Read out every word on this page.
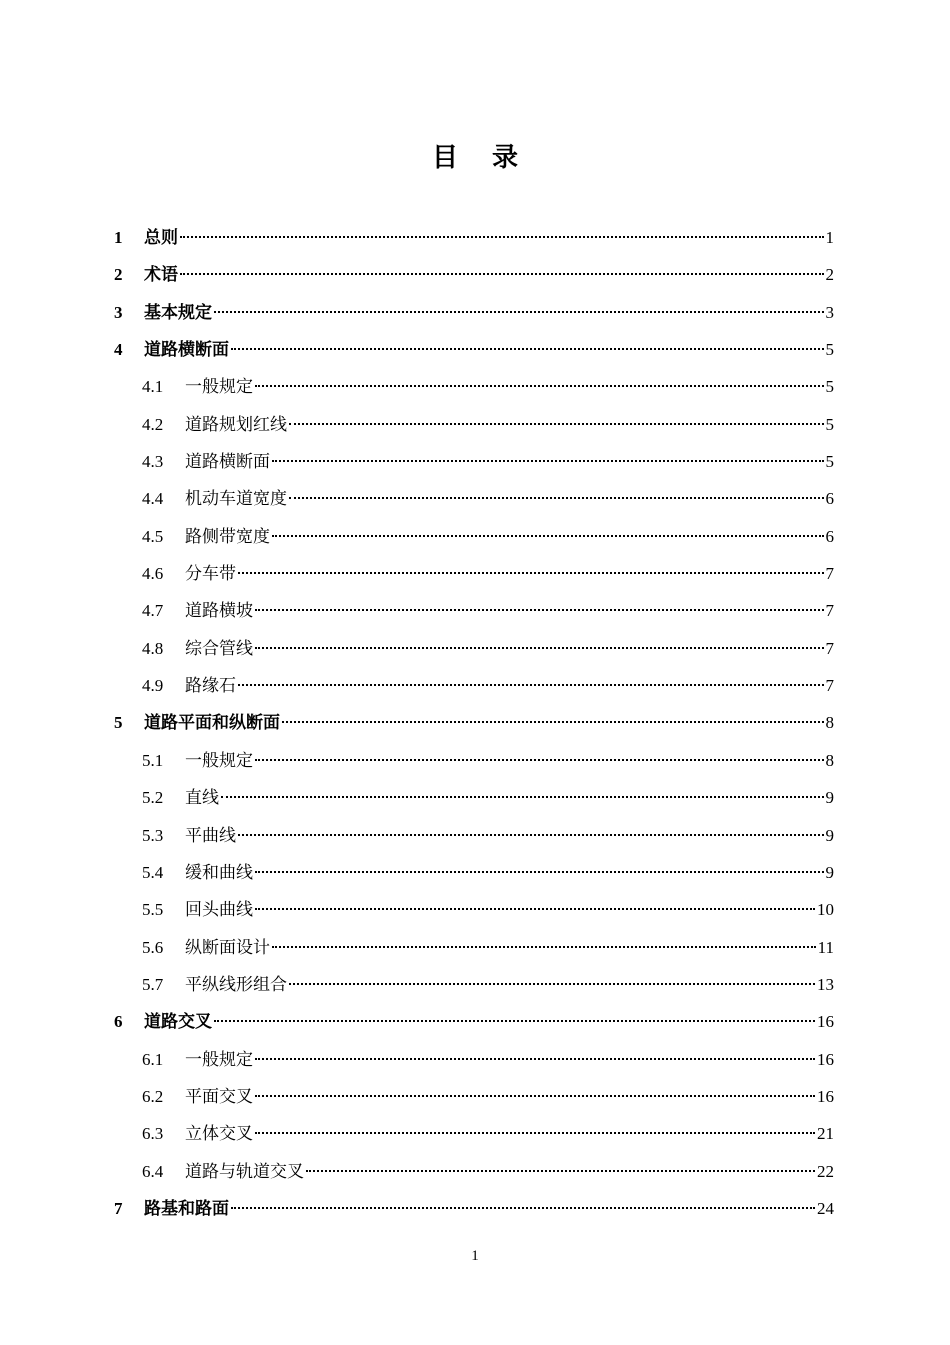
目 录
1	总则	1
2	术语	2
3	基本规定	3
4	道路横断面	5
4.1	一般规定	5
4.2	道路规划红线	5
4.3	道路横断面	5
4.4	机动车道宽度	6
4.5	路侧带宽度	6
4.6	分车带	7
4.7	道路横坡	7
4.8	综合管线	7
4.9	路缘石	7
5	道路平面和纵断面	8
5.1	一般规定	8
5.2	直线	9
5.3	平曲线	9
5.4	缓和曲线	9
5.5	回头曲线	10
5.6	纵断面设计	11
5.7	平纵线形组合	13
6	道路交叉	16
6.1	一般规定	16
6.2	平面交叉	16
6.3	立体交叉	21
6.4	道路与轨道交叉	22
7	路基和路面	24
1
